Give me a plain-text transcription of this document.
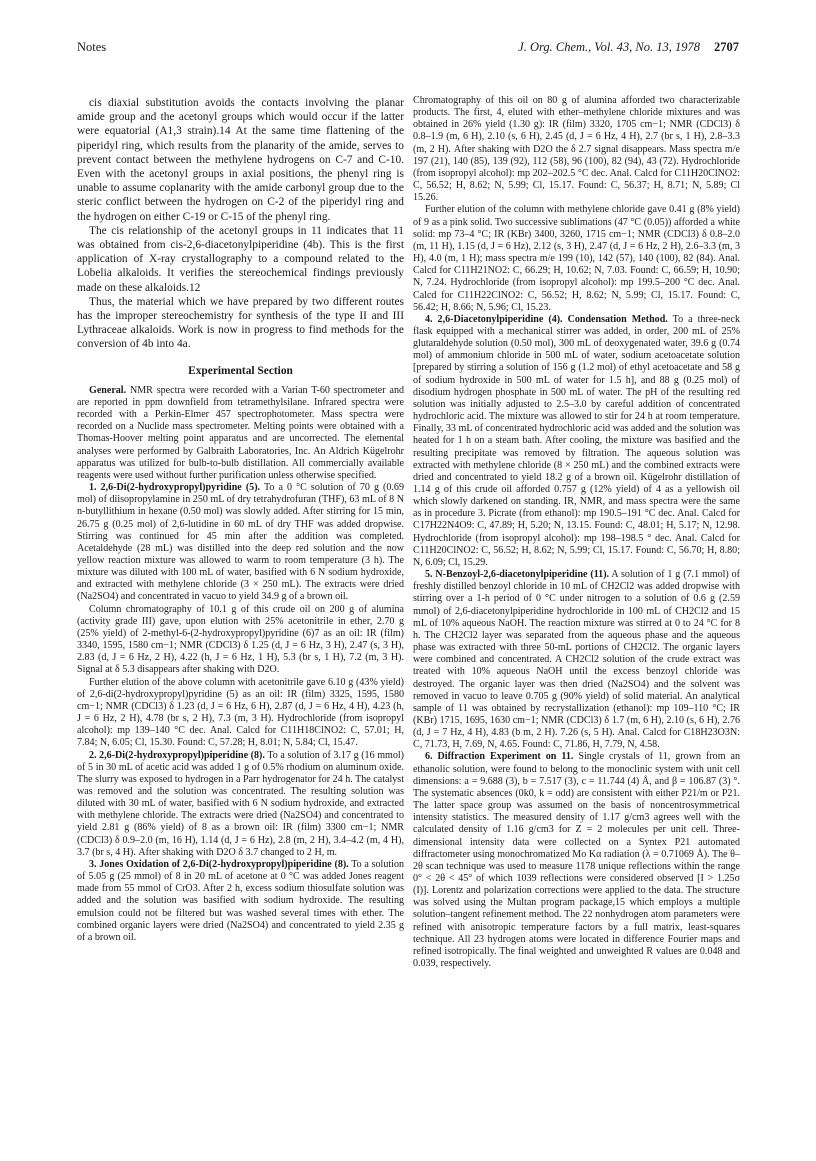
Notes	J. Org. Chem., Vol. 43, No. 13, 1978 2707

cis diaxial substitution avoids the contacts involving the planar amide group and the acetonyl groups which would occur if the latter were equatorial (A1,3 strain).14 At the same time flattening of the piperidyl ring, which results from the planarity of the amide, serves to prevent contact between the methylene hydrogens on C-7 and C-10. Even with the acetonyl groups in axial positions, the phenyl ring is unable to assume coplanarity with the amide carbonyl group due to the steric conflict between the hydrogen on C-2 of the piperidyl ring and the hydrogen on either C-19 or C-15 of the phenyl ring.

The cis relationship of the acetonyl groups in 11 indicates that 11 was obtained from cis-2,6-diacetonylpiperidine (4b). This is the first application of X-ray crystallography to a compound related to the Lobelia alkaloids. It verifies the stereochemical findings previously made on these alkaloids.12

Thus, the material which we have prepared by two different routes has the improper stereochemistry for synthesis of the type II and III Lythraceae alkaloids. Work is now in progress to find methods for the conversion of 4b into 4a.

Experimental Section

General. NMR spectra were recorded with a Varian T-60 spectrometer and are reported in ppm downfield from tetramethylsilane. Infrared spectra were recorded with a Perkin-Elmer 457 spectrophotometer. Mass spectra were recorded on a Nuclide mass spectrometer. Melting points were obtained with a Thomas-Hoover melting point apparatus and are uncorrected. The elemental analyses were performed by Galbraith Laboratories, Inc. An Aldrich Kügelrohr apparatus was utilized for bulb-to-bulb distillation. All commercially available reagents were used without further purification unless otherwise specified.

1. 2,6-Di(2-hydroxypropyl)pyridine (5). To a 0 °C solution of 70 g (0.69 mol) of diisopropylamine in 250 mL of dry tetrahydrofuran (THF), 63 mL of 8 N n-butyllithium in hexane (0.50 mol) was slowly added. After stirring for 15 min, 26.75 g (0.25 mol) of 2,6-lutidine in 60 mL of dry THF was added dropwise. Stirring was continued for 45 min after the addition was completed. Acetaldehyde (28 mL) was distilled into the deep red solution and the now yellow reaction mixture was allowed to warm to room temperature (3 h). The mixture was diluted with 100 mL of water, basified with 6 N sodium hydroxide, and extracted with methylene chloride (3 × 250 mL). The extracts were dried (Na2SO4) and concentrated in vacuo to yield 34.9 g of a brown oil.

Column chromatography of 10.1 g of this crude oil on 200 g of alumina (activity grade III) gave, upon elution with 25% acetonitrile in ether, 2.70 g (25% yield) of 2-methyl-6-(2-hydroxypropyl)pyridine (6)7 as an oil: IR (film) 3340, 1595, 1580 cm−1; NMR (CDCl3) δ 1.25 (d, J = 6 Hz, 3 H), 2.47 (s, 3 H), 2.83 (d, J = 6 Hz, 2 H), 4.22 (h, J = 6 Hz, 1 H), 5.3 (br s, 1 H), 7.2 (m, 3 H). Signal at δ 5.3 disappears after shaking with D2O.

Further elution of the above column with acetonitrile gave 6.10 g (43% yield) of 2,6-di(2-hydroxypropyl)pyridine (5) as an oil: IR (film) 3325, 1595, 1580 cm−1; NMR (CDCl3) δ 1.23 (d, J = 6 Hz, 6 H), 2.87 (d, J = 6 Hz, 4 H), 4.23 (h, J = 6 Hz, 2 H), 4.78 (br s, 2 H), 7.3 (m, 3 H). Hydrochloride (from isopropyl alcohol): mp 139–140 °C dec. Anal. Calcd for C11H18ClNO2: C, 57.01; H, 7.84; N, 6.05; Cl, 15.30. Found: C, 57.28; H, 8.01; N, 5.84; Cl, 15.47.

2. 2,6-Di(2-hydroxypropyl)piperidine (8). To a solution of 3.17 g (16 mmol) of 5 in 30 mL of acetic acid was added 1 g of 0.5% rhodium on aluminum oxide. The slurry was exposed to hydrogen in a Parr hydrogenator for 24 h. The catalyst was removed and the solution was concentrated. The resulting solution was diluted with 30 mL of water, basified with 6 N sodium hydroxide, and extracted with methylene chloride. The extracts were dried (Na2SO4) and concentrated to yield 2.81 g (86% yield) of 8 as a brown oil: IR (film) 3300 cm−1; NMR (CDCl3) δ 0.9–2.0 (m, 16 H), 1.14 (d, J = 6 Hz), 2.8 (m, 2 H), 3.4–4.2 (m, 4 H), 3.7 (br s, 4 H). After shaking with D2O δ 3.7 changed to 2 H, m.

3. Jones Oxidation of 2,6-Di(2-hydroxypropyl)piperidine (8). To a solution of 5.05 g (25 mmol) of 8 in 20 mL of acetone at 0 °C was added Jones reagent made from 55 mmol of CrO3. After 2 h, excess sodium thiosulfate solution was added and the solution was basified with sodium hydroxide. The resulting emulsion could not be filtered but was washed several times with ether. The combined organic layers were dried (Na2SO4) and concentrated to yield 2.35 g of a brown oil.

Chromatography of this oil on 80 g of alumina afforded two characterizable products. The first, 4, eluted with ether–methylene chloride mixtures and was obtained in 26% yield (1.30 g): IR (film) 3320, 1705 cm−1; NMR (CDCl3) δ 0.8–1.9 (m, 6 H), 2.10 (s, 6 H), 2.45 (d, J = 6 Hz, 4 H), 2.7 (br s, 1 H), 2.8–3.3 (m, 2 H). After shaking with D2O the δ 2.7 signal disappears. Mass spectra m/e 197 (21), 140 (85), 139 (92), 112 (58), 96 (100), 82 (94), 43 (72). Hydrochloride (from isopropyl alcohol): mp 202–202.5 °C dec. Anal. Calcd for C11H20ClNO2: C, 56.52; H, 8.62; N, 5.99; Cl, 15.17. Found: C, 56.37; H, 8.71; N, 5.89; Cl 15.26.

Further elution of the column with methylene chloride gave 0.41 g (8% yield) of 9 as a pink solid. Two successive sublimations (47 °C (0.05)) afforded a white solid: mp 73–4 °C; IR (KBr) 3400, 3260, 1715 cm−1; NMR (CDCl3) δ 0.8–2.0 (m, 11 H), 1.15 (d, J = 6 Hz), 2.12 (s, 3 H), 2.47 (d, J = 6 Hz, 2 H), 2.6–3.3 (m, 3 H), 4.0 (m, 1 H); mass spectra m/e 199 (10), 142 (57), 140 (100), 82 (84). Anal. Calcd for C11H21NO2: C, 66.29; H, 10.62; N, 7.03. Found: C, 66.59; H, 10.90; N, 7.24. Hydrochloride (from isopropyl alcohol): mp 199.5–200 °C dec. Anal. Calcd for C11H22ClNO2: C, 56.52; H, 8.62; N, 5.99; Cl, 15.17. Found: C, 56.42; H, 8.66; N, 5.96; Cl, 15.23.

4. 2,6-Diacetonylpiperidine (4). Condensation Method. To a three-neck flask equipped with a mechanical stirrer was added, in order, 200 mL of 25% glutaraldehyde solution (0.50 mol), 300 mL of deoxygenated water, 39.6 g (0.74 mol) of ammonium chloride in 500 mL of water, sodium acetoacetate solution [prepared by stirring a solution of 156 g (1.2 mol) of ethyl acetoacetate and 58 g of sodium hydroxide in 500 mL of water for 1.5 h], and 88 g (0.25 mol) of disodium hydrogen phosphate in 500 mL of water. The pH of the resulting red solution was initially adjusted to 2.5–3.0 by careful addition of concentrated hydrochloric acid. The mixture was allowed to stir for 24 h at room temperature. Finally, 33 mL of concentrated hydrochloric acid was added and the solution was heated for 1 h on a steam bath. After cooling, the mixture was basified and the resulting precipitate was removed by filtration. The aqueous solution was extracted with methylene chloride (8 × 250 mL) and the combined extracts were dried and concentrated to yield 18.2 g of a brown oil. Kügelrohr distillation of 1.14 g of this crude oil afforded 0.757 g (12% yield) of 4 as a yellowish oil which slowly darkened on standing. IR, NMR, and mass spectra were the same as in procedure 3. Picrate (from ethanol): mp 190.5–191 °C dec. Anal. Calcd for C17H22N4O9: C, 47.89; H, 5.20; N, 13.15. Found: C, 48.01; H, 5.17; N, 12.98. Hydrochloride (from isopropyl alcohol): mp 198–198.5 ° dec. Anal. Calcd for C11H20ClNO2: C, 56.52; H, 8.62; N, 5.99; Cl, 15.17. Found: C, 56.70; H, 8.80; N, 6.09; Cl, 15.29.

5. N-Benzoyl-2,6-diacetonylpiperidine (11). A solution of 1 g (7.1 mmol) of freshly distilled benzoyl chloride in 10 mL of CH2Cl2 was added dropwise with stirring over a 1-h period of 0 °C under nitrogen to a solution of 0.6 g (2.59 mmol) of 2,6-diacetonylpiperidine hydrochloride in 100 mL of CH2Cl2 and 15 mL of 10% aqueous NaOH. The reaction mixture was stirred at 0 to 24 °C for 8 h. The CH2Cl2 layer was separated from the aqueous phase and the aqueous phase was extracted with three 50-mL portions of CH2Cl2. The organic layers were combined and concentrated. A CH2Cl2 solution of the crude extract was treated with 10% aqueous NaOH until the excess benzoyl chloride was destroyed. The organic layer was then dried (Na2SO4) and the solvent was removed in vacuo to leave 0.705 g (90% yield) of solid material. An analytical sample of 11 was obtained by recrystallization (ethanol): mp 109–110 °C; IR (KBr) 1715, 1695, 1630 cm−1; NMR (CDCl3) δ 1.7 (m, 6 H), 2.10 (s, 6 H), 2.76 (d, J = 7 Hz, 4 H), 4.83 (b m, 2 H). 7.26 (s, 5 H). Anal. Calcd for C18H23O3N: C, 71.73, H, 7.69, N, 4.65. Found: C, 71.86, H, 7.79, N, 4.58.

6. Diffraction Experiment on 11. Single crystals of 11, grown from an ethanolic solution, were found to belong to the monoclinic system with unit cell dimensions: a = 9.688 (3), b = 7.517 (3), c = 11.744 (4) Å, and β = 106.87 (3) °. The systematic absences (0k0, k = odd) are consistent with either P21/m or P21. The latter space group was assumed on the basis of noncentrosymmetrical intensity statistics. The measured density of 1.17 g/cm3 agrees well with the calculated density of 1.16 g/cm3 for Z = 2 molecules per unit cell. Three-dimensional intensity data were collected on a Syntex P21 automated diffractometer using monochromatized Mo Kα radiation (λ = 0.71069 Å). The θ–2θ scan technique was used to measure 1178 unique reflections within the range 0° < 2θ < 45° of which 1039 reflections were considered observed [I > 1.25σ (I)]. Lorentz and polarization corrections were applied to the data. The structure was solved using the Multan program package,15 which employs a multiple solution–tangent refinement method. The 22 nonhydrogen atom parameters were refined with anisotropic temperature factors by a full matrix, least-squares technique. All 23 hydrogen atoms were located in difference Fourier maps and refined isotropically. The final weighted and unweighted R values are 0.048 and 0.039, respectively.
